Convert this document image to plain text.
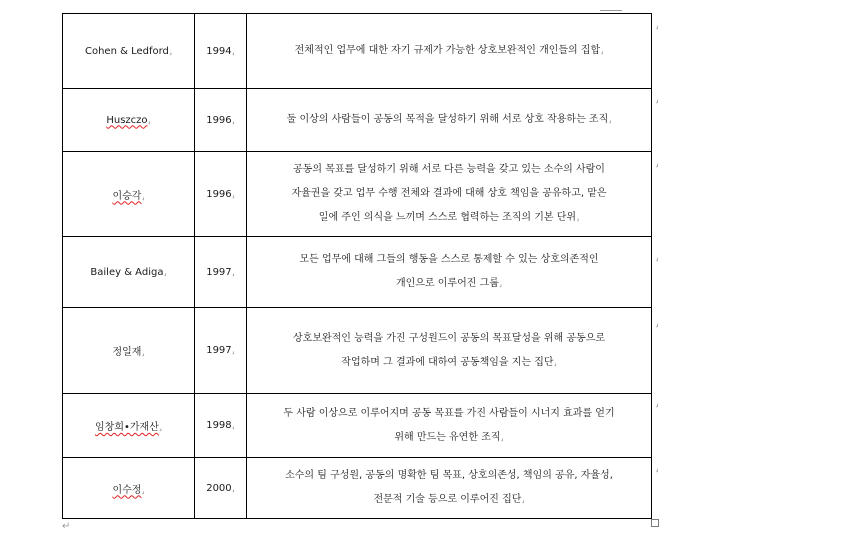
Cohen & Ledford⸥	1994⸥	전체적인 업무에 대한 자기 규제가 가능한 상호보완적인 개인들의 집합⸥
Huszczo⸥	1996⸥	둘 이상의 사람들이 공동의 목적을 달성하기 위해 서로 상호 작용하는 조직⸥
이승각⸥	1996⸥	공동의 목표를 달성하기 위해 서로 다른 능력을 갖고 있는 소수의 사람이
자율권을 갖고 업무 수행 전체와 결과에 대해 상호 책임을 공유하고, 맡은
일에 주인 의식을 느끼며 스스로 협력하는 조직의 기본 단위⸥

Bailey & Adiga⸥	1997⸥	모든 업무에 대해 그들의 행동을 스스로 통제할 수 있는 상호의존적인
개인으로 이루어진 그룹⸥

정일재⸥	1997⸥	상호보완적인 능력을 가진 구성원드이 공동의 목표달성을 위해 공동으로
작업하며 그 결과에 대하여 공동책임을 지는 집단⸥

임창희•가재산⸥	1998⸥	두 사람 이상으로 이루어지며 공동 목표를 가진 사람들이 시너지 효과를 얻기
위해 만드는 유연한 조직⸥

이수정⸥	2000⸥	소수의 팀 구성원, 공동의 명확한 팀 목표, 상호의존성, 책임의 공유, 자율성,
전문적 기술 등으로 이루어진 집단⸥
⸥
⸥
⸥
⸥
⸥
⸥
⸥
↵
